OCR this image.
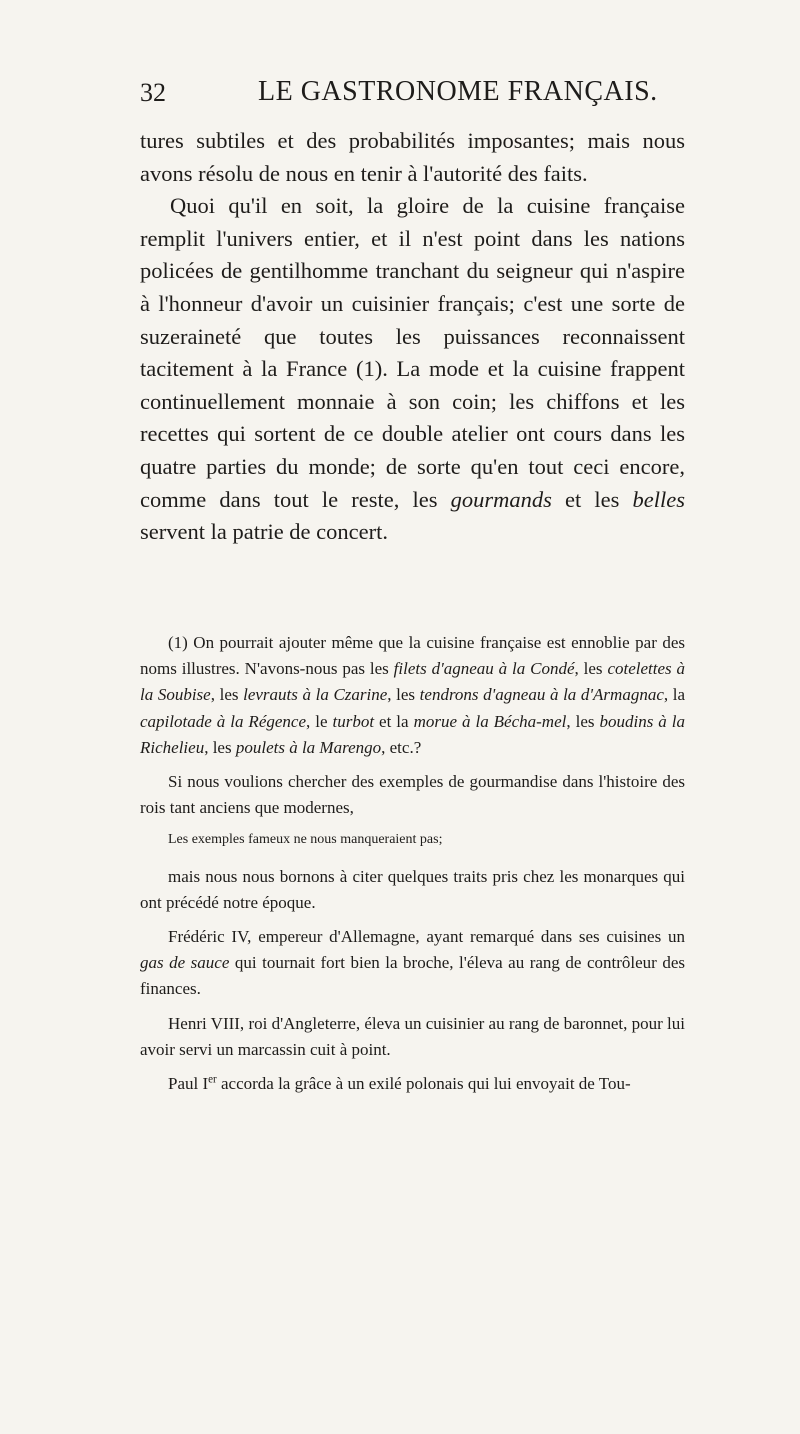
32	LE GASTRONOME FRANÇAIS.

tures subtiles et des probabilités imposantes; mais nous avons résolu de nous en tenir à l'autorité des faits.

Quoi qu'il en soit, la gloire de la cuisine française remplit l'univers entier, et il n'est point dans les nations policées de gentilhomme tranchant du seigneur qui n'aspire à l'honneur d'avoir un cuisinier français; c'est une sorte de suzeraineté que toutes les puissances reconnaissent tacitement à la France (1). La mode et la cuisine frappent continuellement monnaie à son coin; les chiffons et les recettes qui sortent de ce double atelier ont cours dans les quatre parties du monde; de sorte qu'en tout ceci encore, comme dans tout le reste, les gourmands et les belles servent la patrie de concert.

(1) On pourrait ajouter même que la cuisine française est ennoblie par des noms illustres. N'avons-nous pas les filets d'agneau à la Condé, les cotelettes à la Soubise, les levrauts à la Czarine, les tendrons d'agneau à la d'Armagnac, la capilotade à la Régence, le turbot et la morue à la Bécha-mel, les boudins à la Richelieu, les poulets à la Marengo, etc.?

Si nous voulions chercher des exemples de gourmandise dans l'histoire des rois tant anciens que modernes,

Les exemples fameux ne nous manqueraient pas;

mais nous nous bornons à citer quelques traits pris chez les monarques qui ont précédé notre époque.

Frédéric IV, empereur d'Allemagne, ayant remarqué dans ses cuisines un gas de sauce qui tournait fort bien la broche, l'éleva au rang de contrôleur des finances.

Henri VIII, roi d'Angleterre, éleva un cuisinier au rang de baronnet, pour lui avoir servi un marcassin cuit à point.

Paul Ier accorda la grâce à un exilé polonais qui lui envoyait de Tou-
